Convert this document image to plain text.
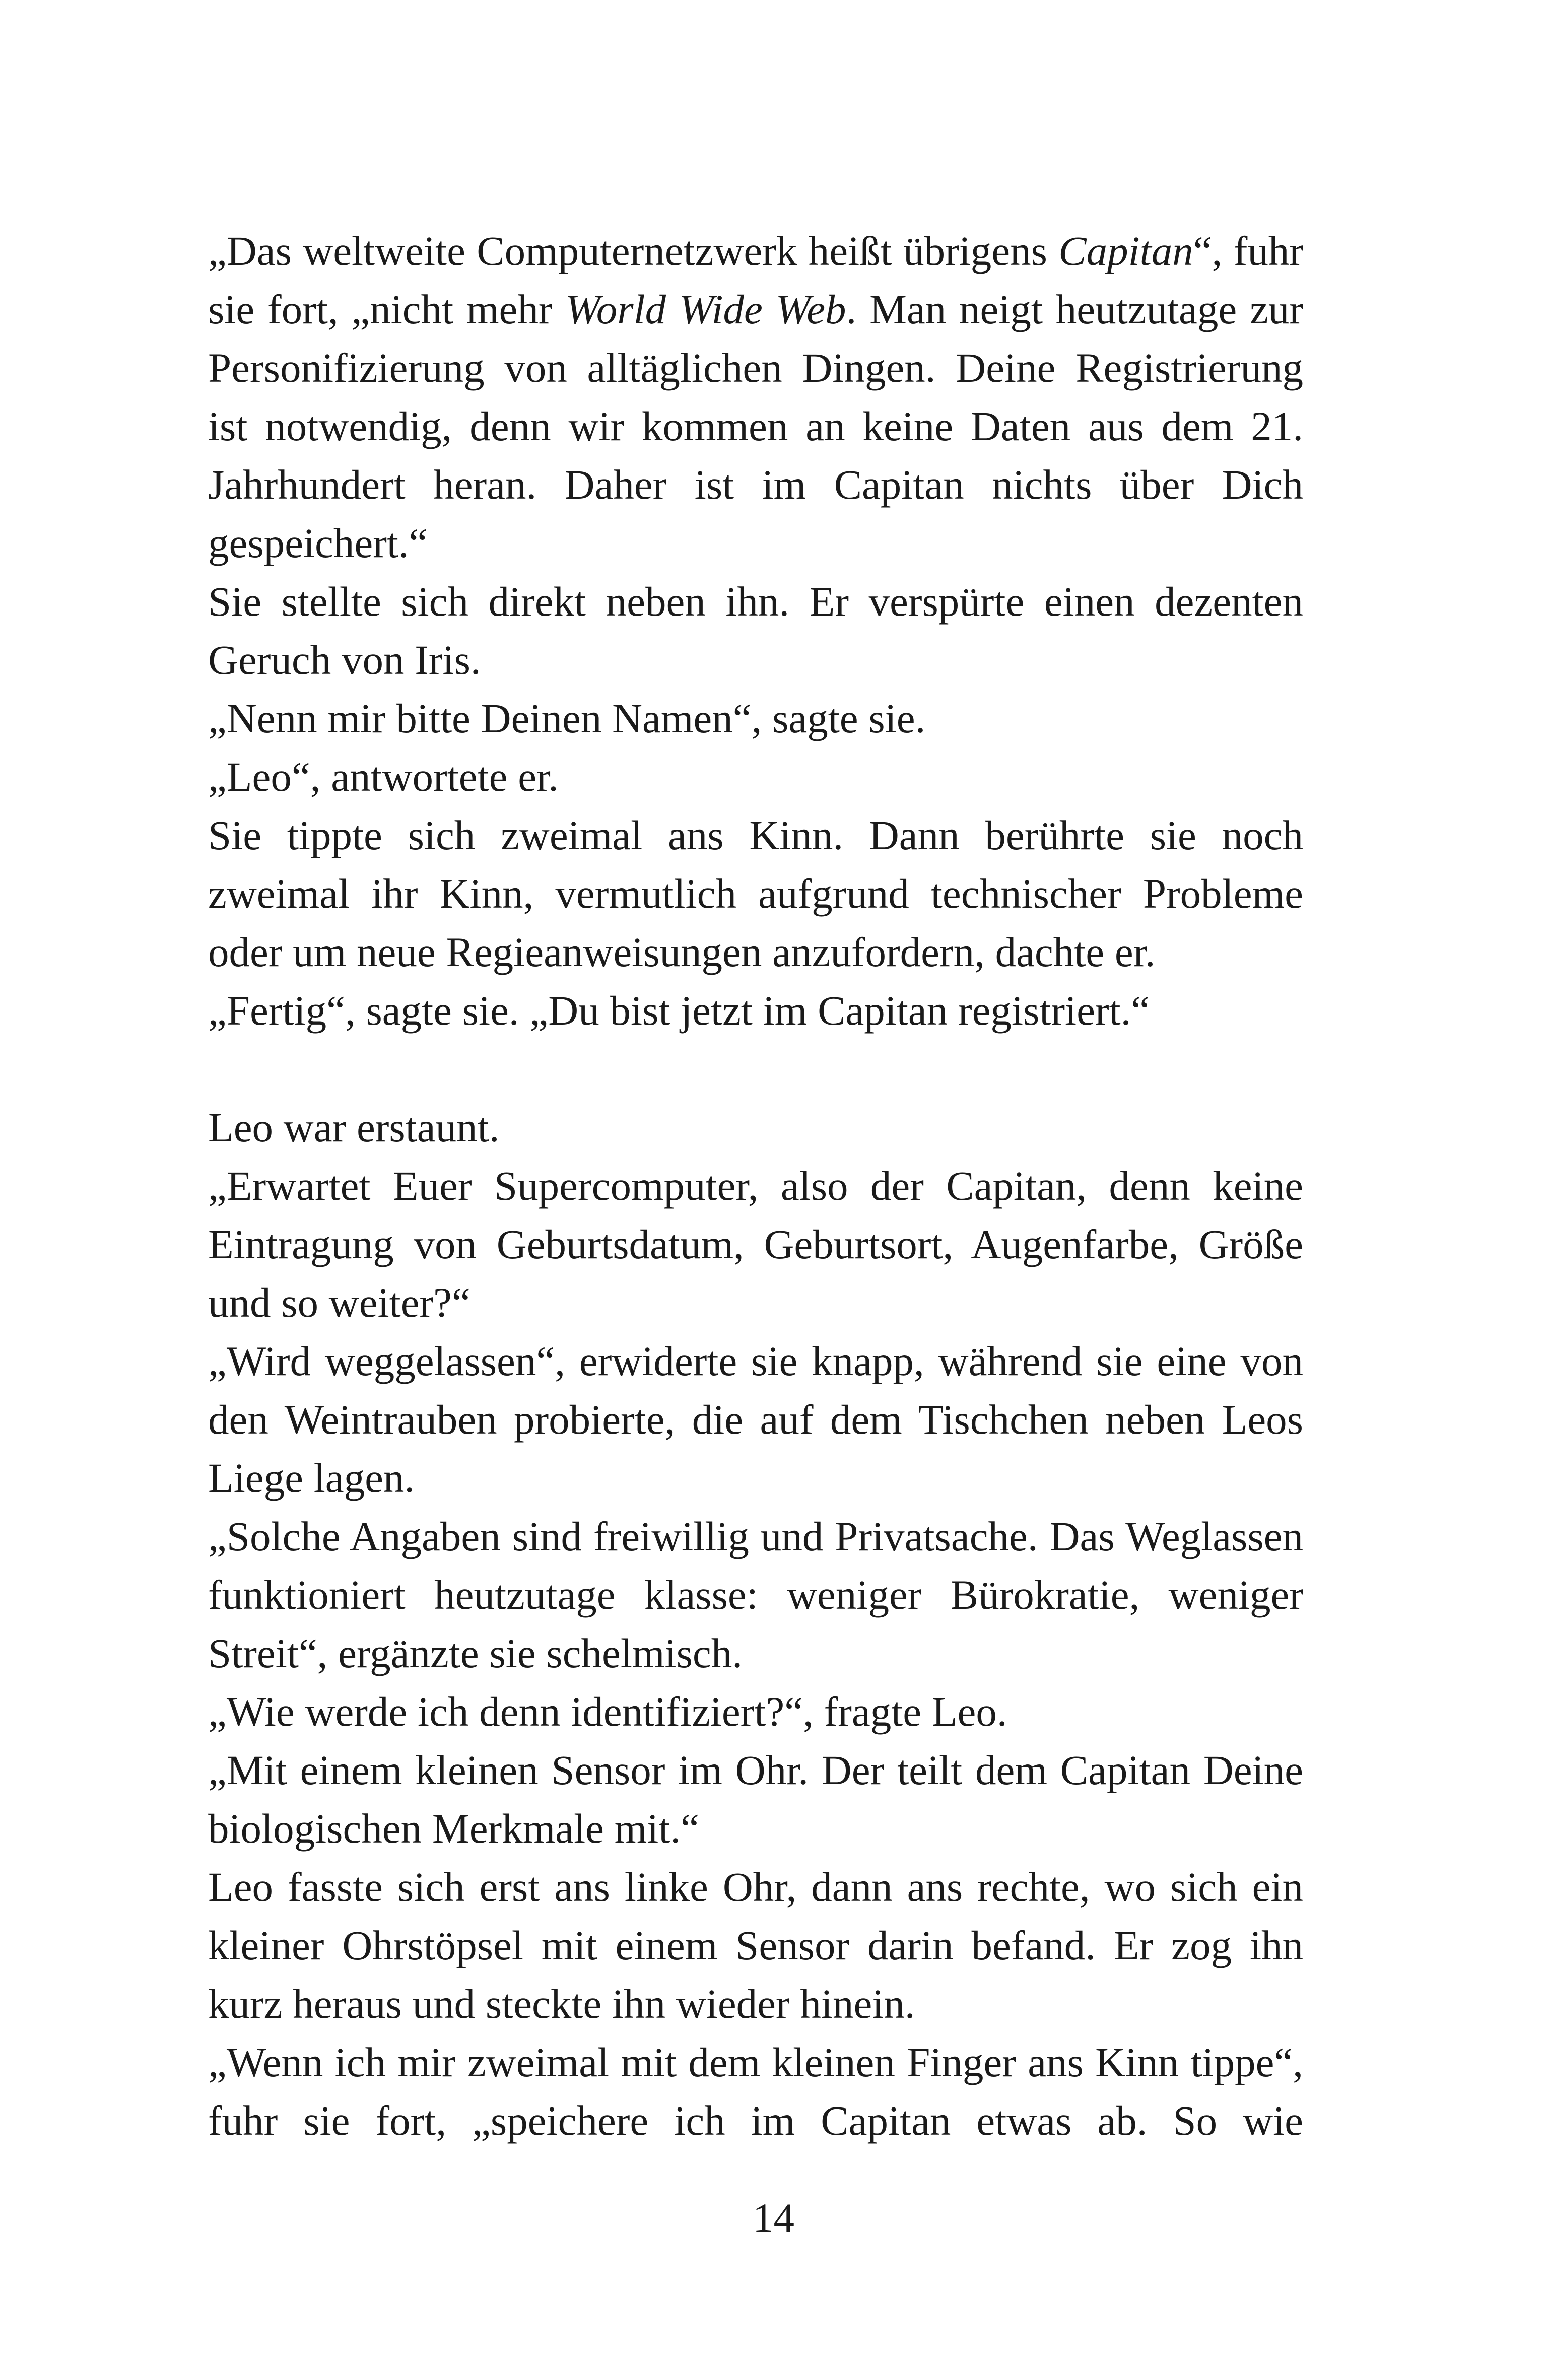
„Das weltweite Computernetzwerk heißt übrigens Capitan“, fuhr sie fort, „nicht mehr World Wide Web. Man neigt heutzutage zur Personifizierung von alltäglichen Dingen. Deine Registrierung ist notwendig, denn wir kommen an keine Daten aus dem 21. Jahrhundert heran. Daher ist im Capitan nichts über Dich gespeichert.“

Sie stellte sich direkt neben ihn. Er verspürte einen dezenten Geruch von Iris.

„Nenn mir bitte Deinen Namen“, sagte sie.

„Leo“, antwortete er.

Sie tippte sich zweimal ans Kinn. Dann berührte sie noch zweimal ihr Kinn, vermutlich aufgrund technischer Probleme oder um neue Regieanweisungen anzufordern, dachte er.

„Fertig“, sagte sie. „Du bist jetzt im Capitan registriert.“

Leo war erstaunt.

„Erwartet Euer Supercomputer, also der Capitan, denn keine Eintragung von Geburtsdatum, Geburtsort, Augenfarbe, Größe und so weiter?“

„Wird weggelassen“, erwiderte sie knapp, während sie eine von den Weintrauben probierte, die auf dem Tischchen neben Leos Liege lagen.

„Solche Angaben sind freiwillig und Privatsache. Das Weglassen funktioniert heutzutage klasse: weniger Bürokratie, weniger Streit“, ergänzte sie schelmisch.

„Wie werde ich denn identifiziert?“, fragte Leo.

„Mit einem kleinen Sensor im Ohr. Der teilt dem Capitan Deine biologischen Merkmale mit.“

Leo fasste sich erst ans linke Ohr, dann ans rechte, wo sich ein kleiner Ohrstöpsel mit einem Sensor darin befand. Er zog ihn kurz heraus und steckte ihn wieder hinein.

„Wenn ich mir zweimal mit dem kleinen Finger ans Kinn tippe“, fuhr sie fort, „speichere ich im Capitan etwas ab. So wie

14
